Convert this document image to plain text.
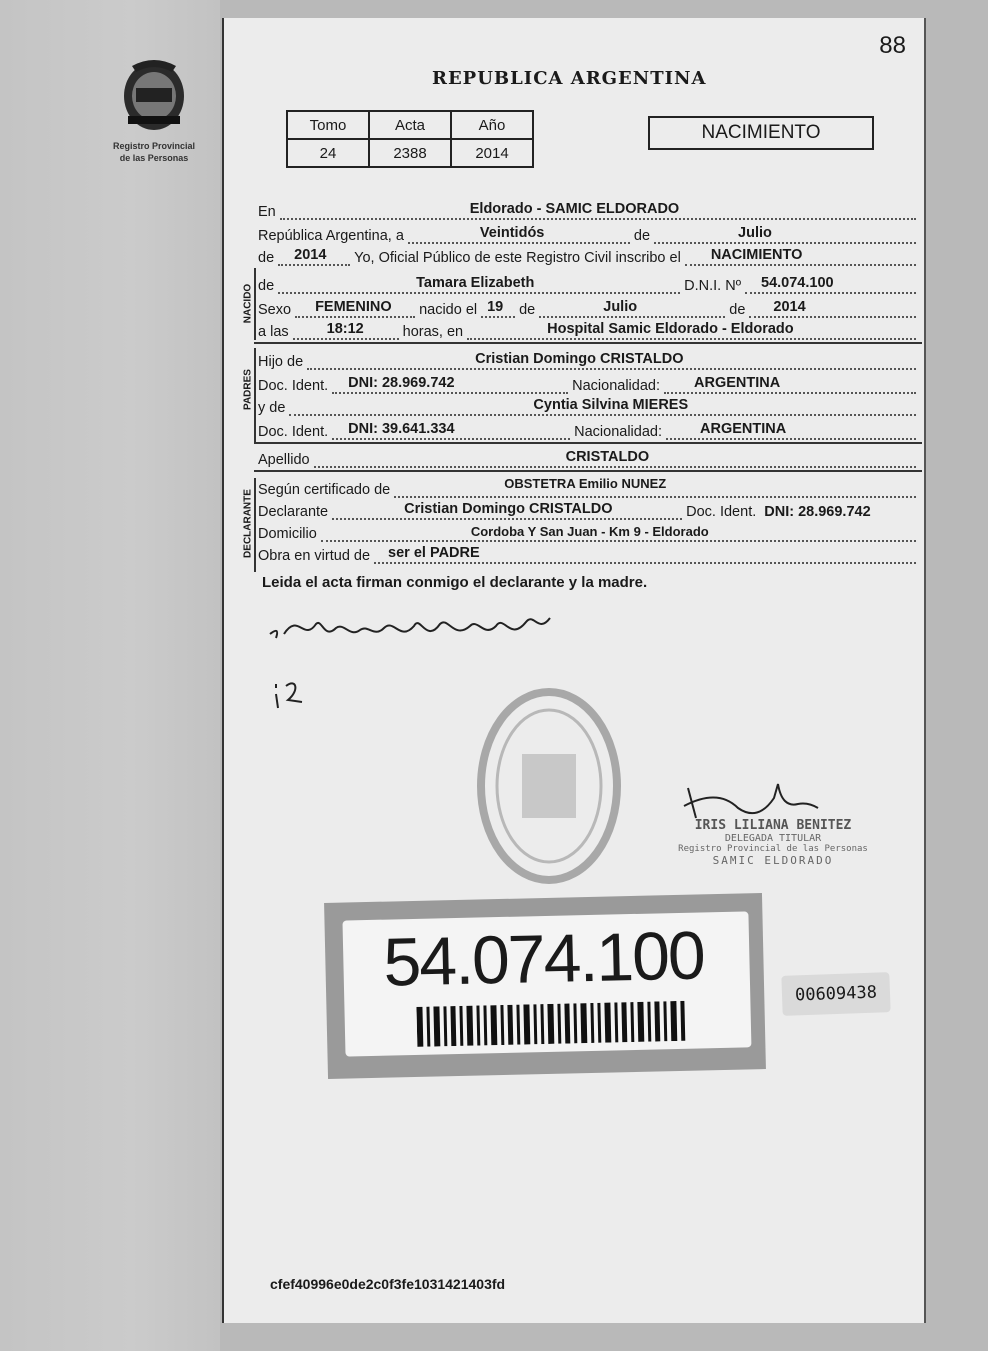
88
Registro Provincial
de las Personas
REPUBLICA ARGENTINA
Tomo	Acta	Año
24	2388	2014
NACIMIENTO
En	Eldorado - SAMIC ELDORADO
República Argentina, a	Veintidós	de	Julio
de 2014 Yo, Oficial Público de este Registro Civil inscribo el NACIMIENTO
NACIDO de	Tamara Elizabeth	D.N.I. Nº 54.074.100
Sexo FEMENINO nacido el 19 de	Julio	de 2014
a las	18:12	horas, en	Hospital Samic Eldorado - Eldorado
PADRES
Hijo de	Cristian Domingo CRISTALDO
Doc. Ident. DNI: 28.969.742	Nacionalidad: ARGENTINA
y de	Cyntia Silvina MIERES
Doc. Ident. DNI: 39.641.334	Nacionalidad:	ARGENTINA
Apellido	CRISTALDO
DECLARANTE Según certificado de	OBSTETRA Emilio NUNEZ
Declarante	Cristian Domingo CRISTALDO	Doc. Ident. DNI: 28.969.742
Domicilio	Cordoba Y San Juan - Km 9 - Eldorado
Obra en virtud de ser el PADRE
Leida el acta firman conmigo el declarante y la madre.
IRIS LILIANA BENITEZ
DELEGADA TITULAR
Registro Provincial de las Personas
SAMIC ELDORADO
54.074.100	00609438
cfef40996e0de2c0f3fe1031421403fd
